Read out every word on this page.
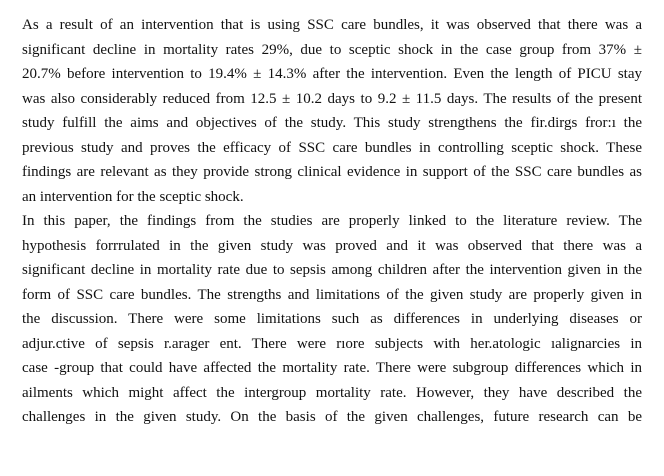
As a result of an intervention that is using SSC care bundles, it was observed that there was a
significant decline in mortality rates 29%, due to sceptic shock in the case group from 37% ±
20.7% before intervention to 19.4% ± 14.3% after the intervention. Even the length of PICU stay
was also considerably reduced from 12.5 ± 10.2 days to 9.2 ± 11.5 days. The results of the present
study fulfill the aims and objectives of the study. This study strengthens the fir.dirgs fror:ı the
previous study and proves the efficacy of SSC care bundles in controlling sceptic shock. These
findings are relevant as they provide strong clinical evidence in support of the SSC care bundles as
an intervention for the sceptic shock.
In this paper, the findings from the studies are properly linked to the literature review. The
hypothesis forrrulated in the given study was proved and it was observed that there was a
significant decline in mortality rate due to sepsis among children after the intervention given in the
form of SSC care bundles. The strengths and limitations of the given study are properly given in
the discussion. There were some limitations such as differences in underlying diseases or
adjur.ctive of sepsis r.arager ent. There were rıore subjects with her.atologic ıalignarcies in
case -group that could have affected the mortality rate. There were subgroup differences which in
ailments which might affect the intergroup mortality rate. However, they have described the
challenges in the given study. On the basis of the given challenges, future research can be
